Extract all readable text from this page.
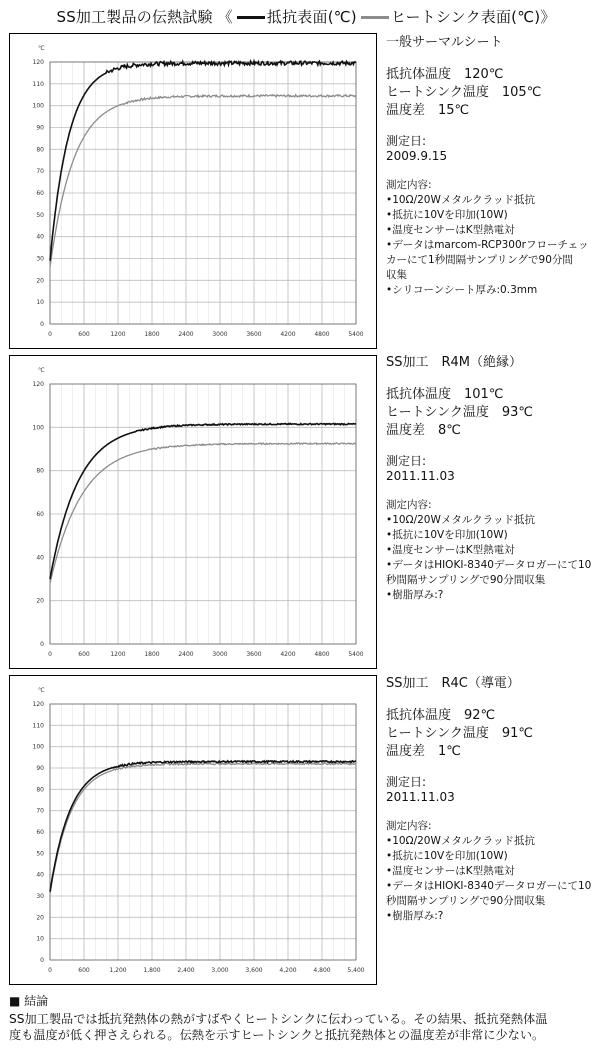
SS加工製品の伝熱試験 《 抵抗表面(℃) ヒートシンク表面(℃)》
0	600	1200	1800	2400	3000	3600	4200	4800	5400
0
10
20
30
40
50
60
70
80
90
100
110
120
℃	一般サーマルシート
抵抗体温度　120℃
ヒートシンク温度　105℃
温度差　15℃
測定日:
2009.9.15
測定内容:
•10Ω/20Wメタルクラッド抵抗
•抵抗に10Vを印加(10W)
•温度センサーはK型熱電対
•データはmarcom-RCP300rフローチェッ
カーにて1秒間隔サンプリングで90分間
収集
•シリコーンシート厚み:0.3mm
0	600	1200	1800	2400	3000	3600	4200	4800	5400
0
20
40
60
80
100
120
℃
SS加工　R4M（絶縁）
抵抗体温度　101℃
ヒートシンク温度　93℃
温度差　8℃
測定日:
2011.11.03
測定内容:
•10Ω/20Wメタルクラッド抵抗
•抵抗に10Vを印加(10W)
•温度センサーはK型熱電対
•データはHIOKI-8340データロガーにて10
秒間隔サンプリングで90分間収集
•樹脂厚み:?
0	600	1,200	1,800	2,400	3,000	3,600	4,200	4,800	5,400
0
10
20
30
40
50
60
70
80
90
100
110
120
℃	SS加工　R4C（導電）
抵抗体温度　92℃
ヒートシンク温度　91℃
温度差　1℃
測定日:
2011.11.03
測定内容:
•10Ω/20Wメタルクラッド抵抗
•抵抗に10Vを印加(10W)
•温度センサーはK型熱電対
•データはHIOKI-8340データロガーにて10
秒間隔サンプリングで90分間収集
•樹脂厚み:?
■ 結論
SS加工製品では抵抗発熱体の熱がすばやくヒートシンクに伝わっている。その結果、抵抗発熱体温
度も温度が低く押さえられる。伝熱を示すヒートシンクと抵抗発熱体との温度差が非常に少ない。
